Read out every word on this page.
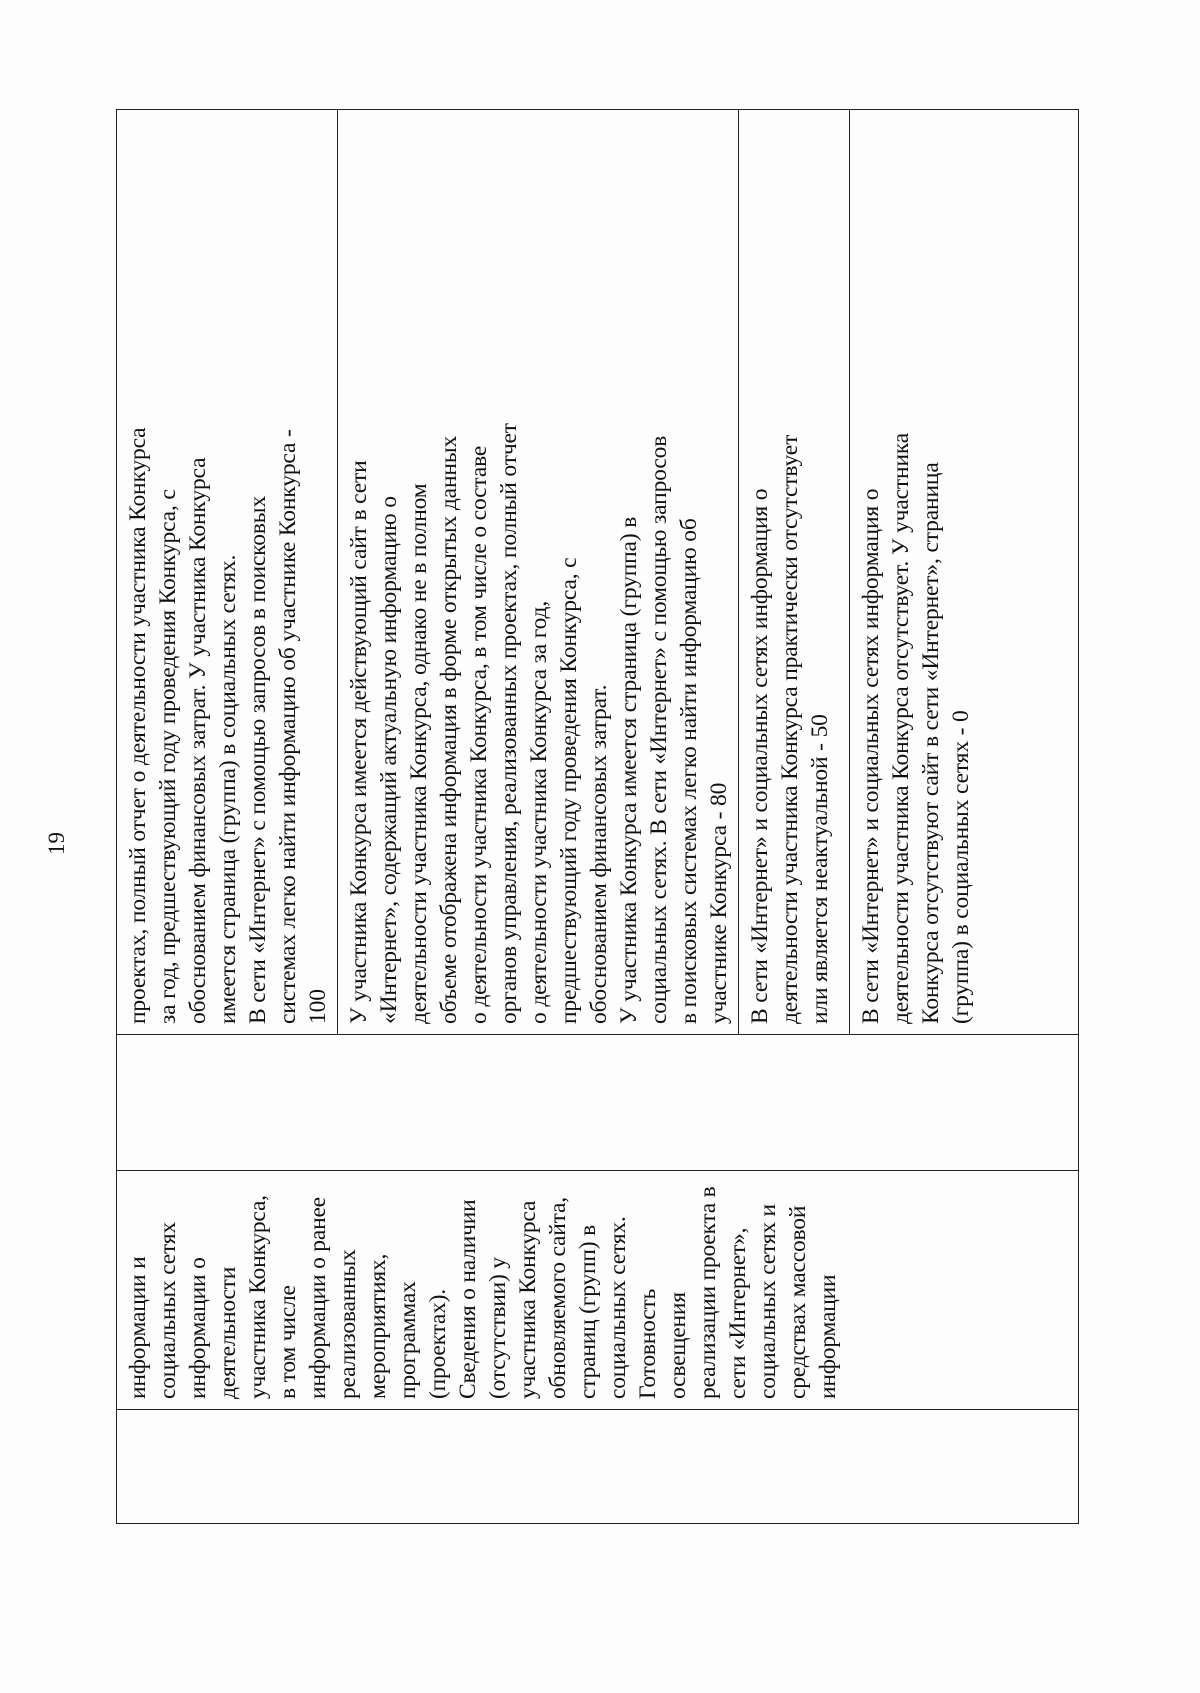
19
	информации и
социальных сетях
информации о
деятельности
участника Конкурса,
в том числе
информации о ранее
реализованных
мероприятиях,
программах
(проектах).
Сведения о наличии
(отсутствии) у
участника Конкурса
обновляемого сайта,
страниц (групп) в
социальных сетях.
Готовность
освещения
реализации проекта в
сети «Интернет»,
социальных сетях и
средствах массовой
информации		проектах, полный отчет о деятельности участника Конкурса
за год, предшествующий году проведения Конкурса, с
обоснованием финансовых затрат. У участника Конкурса
имеется страница (группа) в социальных сетях.
В сети «Интернет» с помощью запросов в поисковых
системах легко найти информацию об участнике Конкурса -
100
У участника Конкурса имеется действующий сайт в сети
«Интернет», содержащий актуальную информацию о
деятельности участника Конкурса, однако не в полном
объеме отображена информация в форме открытых данных
о деятельности участника Конкурса, в том числе о составе
органов управления, реализованных проектах, полный отчет
о деятельности участника Конкурса за год,
предшествующий году проведения Конкурса, с
обоснованием финансовых затрат.
У участника Конкурса имеется страница (группа) в
социальных сетях. В сети «Интернет» с помощью запросов
в поисковых системах легко найти информацию об
участнике Конкурса - 80
В сети «Интернет» и социальных сетях информация о
деятельности участника Конкурса практически отсутствует
или является неактуальной - 50
В сети «Интернет» и социальных сетях информация о
деятельности участника Конкурса отсутствует. У участника
Конкурса отсутствуют сайт в сети «Интернет», страница
(группа) в социальных сетях - 0
